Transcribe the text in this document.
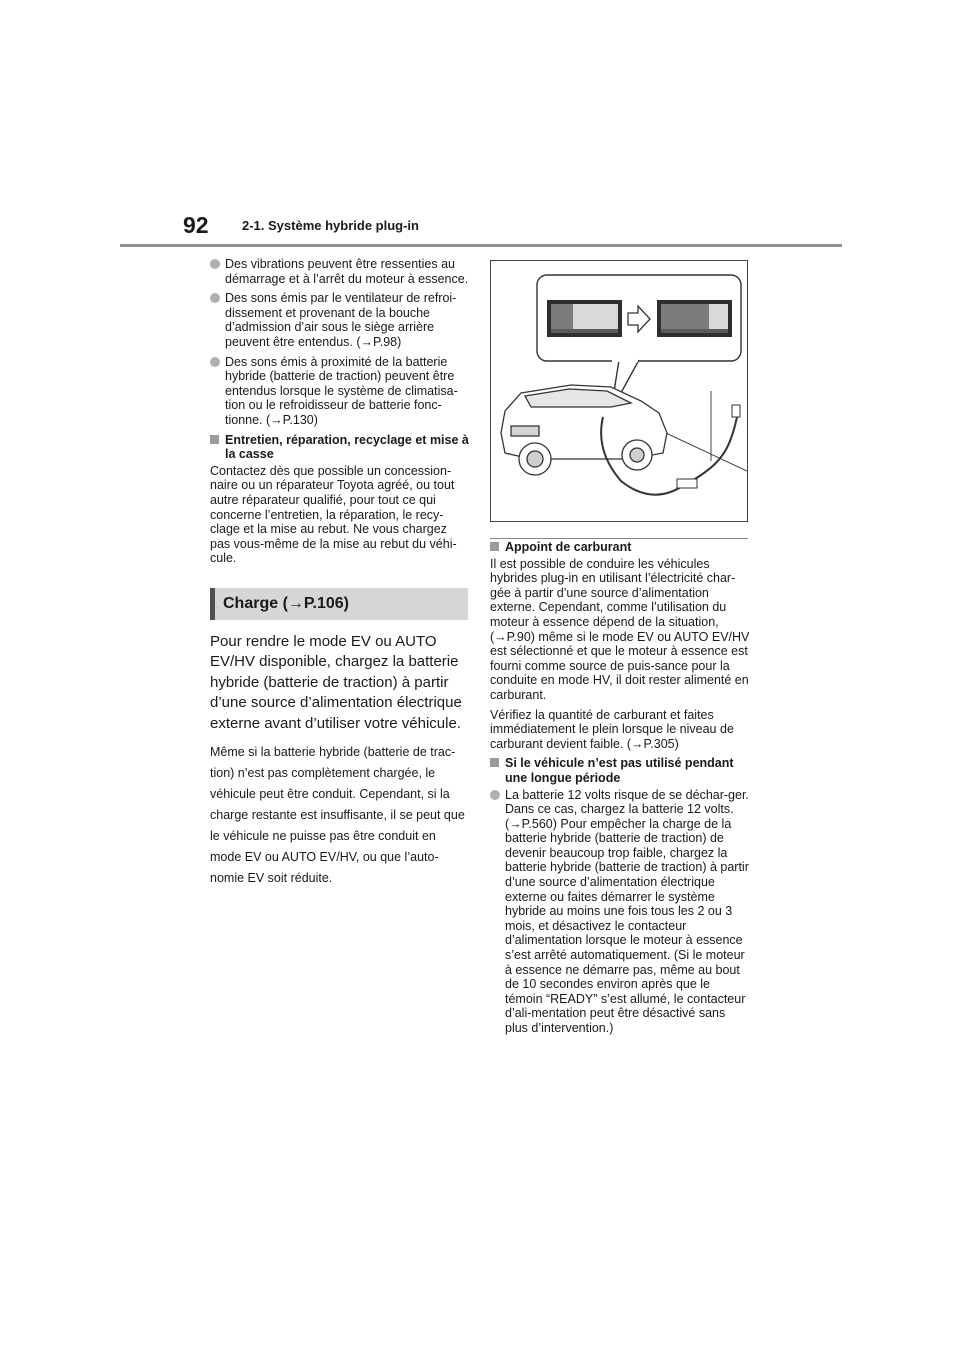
92	2-1. Système hybride plug-in
Des vibrations peuvent être ressenties au démarrage et à l’arrêt du moteur à essence.
Des sons émis par le ventilateur de refroi-dissement et provenant de la bouche d’admission d’air sous le siège arrière peuvent être entendus. (→P.98)
Des sons émis à proximité de la batterie hybride (batterie de traction) peuvent être entendus lorsque le système de climatisa-tion ou le refroidisseur de batterie fonc-tionne. (→P.130)
Entretien, réparation, recyclage et mise à la casse

Contactez dès que possible un concession-naire ou un réparateur Toyota agréé, ou tout autre réparateur qualifié, pour tout ce qui concerne l’entretien, la réparation, le recy-clage et la mise au rebut. Ne vous chargez pas vous-même de la mise au rebut du véhi-cule.

Charge (→P.106)

Pour rendre le mode EV ou AUTO EV/HV disponible, chargez la batterie hybride (batterie de traction) à partir d’une source d’alimentation électrique externe avant d’utiliser votre véhicule.

Même si la batterie hybride (batterie de trac-tion) n’est pas complètement chargée, le véhicule peut être conduit. Cependant, si la charge restante est insuffisante, il se peut que le véhicule ne puisse pas être conduit en mode EV ou AUTO EV/HV, ou que l’auto-nomie EV soit réduite.

Appoint de carburant

Il est possible de conduire les véhicules hybrides plug-in en utilisant l’électricité char-gée à partir d’une source d’alimentation externe. Cependant, comme l’utilisation du moteur à essence dépend de la situation, (→P.90) même si le mode EV ou AUTO EV/HV est sélectionné et que le moteur à essence est fourni comme source de puis-sance pour la conduite en mode HV, il doit rester alimenté en carburant.

Vérifiez la quantité de carburant et faites immédiatement le plein lorsque le niveau de carburant devient faible. (→P.305)

Si le véhicule n’est pas utilisé pendant une longue période
La batterie 12 volts risque de se déchar-ger. Dans ce cas, chargez la batterie 12 volts. (→P.560) Pour empêcher la charge de la batterie hybride (batterie de traction) de devenir beaucoup trop faible, chargez la batterie hybride (batterie de traction) à partir d’une source d’alimentation électrique externe ou faites démarrer le système hybride au moins une fois tous les 2 ou 3 mois, et désactivez le contacteur d’alimentation lorsque le moteur à essence s’est arrêté automatiquement. (Si le moteur à essence ne démarre pas, même au bout de 10 secondes environ après que le témoin “READY” s’est allumé, le contacteur d’ali-mentation peut être désactivé sans plus d’intervention.)
